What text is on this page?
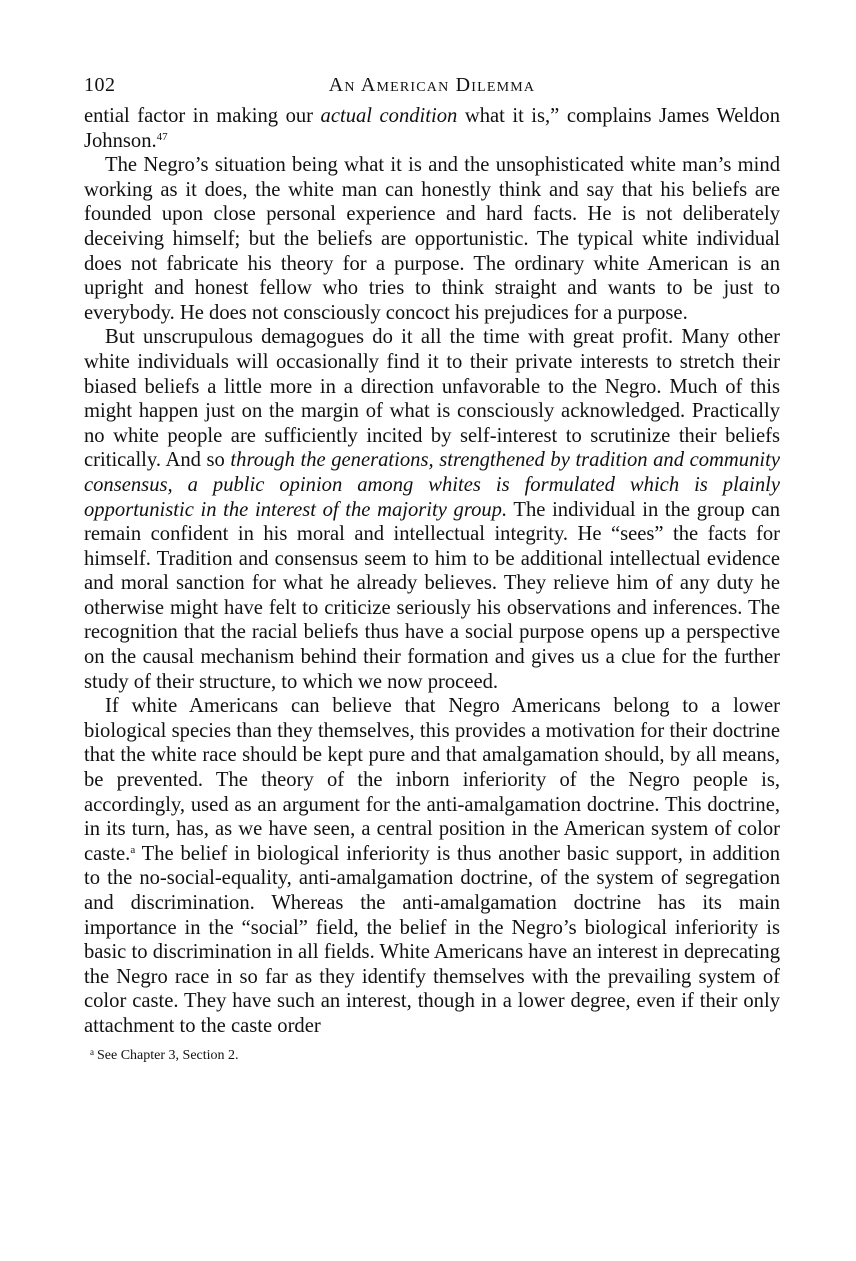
102	An American Dilemma

ential factor in making our actual condition what it is,” complains James Weldon Johnson.$^{47}$

The Negro’s situation being what it is and the unsophisticated white man’s mind working as it does, the white man can honestly think and say that his beliefs are founded upon close personal experience and hard facts. He is not deliberately deceiving himself; but the beliefs are opportunistic. The typical white individual does not fabricate his theory for a purpose. The ordinary white American is an upright and honest fellow who tries to think straight and wants to be just to everybody. He does not consciously concoct his prejudices for a purpose.

But unscrupulous demagogues do it all the time with great profit. Many other white individuals will occasionally find it to their private interests to stretch their biased beliefs a little more in a direction unfavorable to the Negro. Much of this might happen just on the margin of what is consciously acknowledged. Practically no white people are sufficiently incited by self-interest to scrutinize their beliefs critically. And so through the generations, strengthened by tradition and community consensus, a public opinion among whites is formulated which is plainly opportunistic in the interest of the majority group. The individual in the group can remain confident in his moral and intellectual integrity. He “sees” the facts for himself. Tradition and consensus seem to him to be additional intellectual evidence and moral sanction for what he already believes. They relieve him of any duty he otherwise might have felt to criticize seriously his observations and inferences. The recognition that the racial beliefs thus have a social purpose opens up a perspective on the causal mechanism behind their formation and gives us a clue for the further study of their structure, to which we now proceed.

If white Americans can believe that Negro Americans belong to a lower biological species than they themselves, this provides a motivation for their doctrine that the white race should be kept pure and that amalgamation should, by all means, be prevented. The theory of the inborn inferiority of the Negro people is, accordingly, used as an argument for the anti-amalgamation doctrine. This doctrine, in its turn, has, as we have seen, a central position in the American system of color caste.$^a$ The belief in biological inferiority is thus another basic support, in addition to the no-social-equality, anti-amalgamation doctrine, of the system of segregation and discrimination. Whereas the anti-amalgamation doctrine has its main importance in the “social” field, the belief in the Negro’s biological inferiority is basic to discrimination in all fields. White Americans have an interest in deprecating the Negro race in so far as they identify themselves with the prevailing system of color caste. They have such an interest, though in a lower degree, even if their only attachment to the caste order

$^a$ See Chapter 3, Section 2.
